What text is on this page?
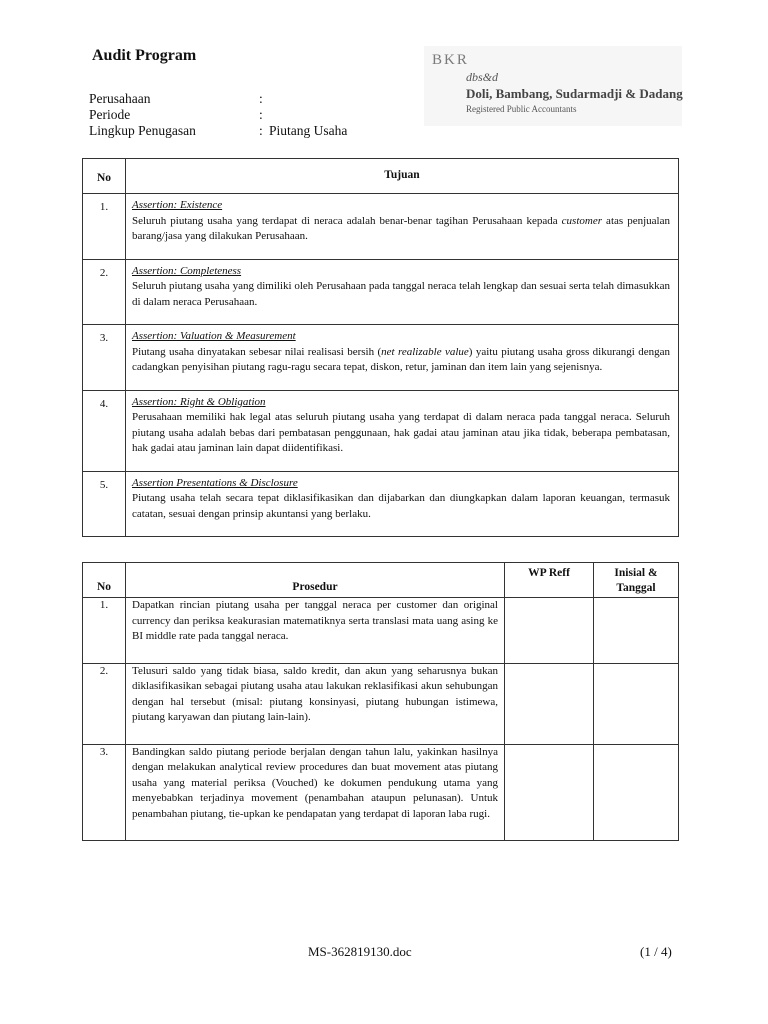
Audit Program
Perusahaan	:
Periode	:
Lingkup Penugasan	: Piutang Usaha
BKR
dbs&d
Doli, Bambang, Sudarmadji & Dadang
Registered Public Accountants
No	Tujuan
1.	Assertion: Existence
Seluruh piutang usaha yang terdapat di neraca adalah benar-benar tagihan Perusahaan kepada customer atas penjualan barang/jasa yang dilakukan Perusahaan.
2.	Assertion: Completeness
Seluruh piutang usaha yang dimiliki oleh Perusahaan pada tanggal neraca telah lengkap dan sesuai serta telah dimasukkan di dalam neraca Perusahaan.
3.	Assertion: Valuation & Measurement
Piutang usaha dinyatakan sebesar nilai realisasi bersih (net realizable value) yaitu piutang usaha gross dikurangi dengan cadangkan penyisihan piutang ragu-ragu secara tepat, diskon, retur, jaminan dan item lain yang sejenisnya.
4.	Assertion: Right & Obligation
Perusahaan memiliki hak legal atas seluruh piutang usaha yang terdapat di dalam neraca pada tanggal neraca. Seluruh piutang usaha adalah bebas dari pembatasan penggunaan, hak gadai atau jaminan atau jika tidak, beberapa pembatasan, hak gadai atau jaminan lain dapat diidentifikasi.
5.	Assertion Presentations & Disclosure
Piutang usaha telah secara tepat diklasifikasikan dan dijabarkan dan diungkapkan dalam laporan keuangan, termasuk catatan, sesuai dengan prinsip akuntansi yang berlaku.
No	Prosedur	WP Reff	Inisial & Tanggal
1.	Dapatkan rincian piutang usaha per tanggal neraca per customer dan original currency dan periksa keakurasian matematiknya serta translasi mata uang asing ke BI middle rate pada tanggal neraca.		
2.	Telusuri saldo yang tidak biasa, saldo kredit, dan akun yang seharusnya bukan diklasifikasikan sebagai piutang usaha atau lakukan reklasifikasi akun sehubungan dengan hal tersebut (misal: piutang konsinyasi, piutang hubungan istimewa, piutang karyawan dan piutang lain-lain).		
3.	Bandingkan saldo piutang periode berjalan dengan tahun lalu, yakinkan hasilnya dengan melakukan analytical review procedures dan buat movement atas piutang usaha yang material periksa (Vouched) ke dokumen pendukung utama yang menyebabkan terjadinya movement (penambahan ataupun pelunasan). Untuk penambahan piutang, tie-upkan ke pendapatan yang terdapat di laporan laba rugi.		
MS-362819130.doc	(1 / 4)
